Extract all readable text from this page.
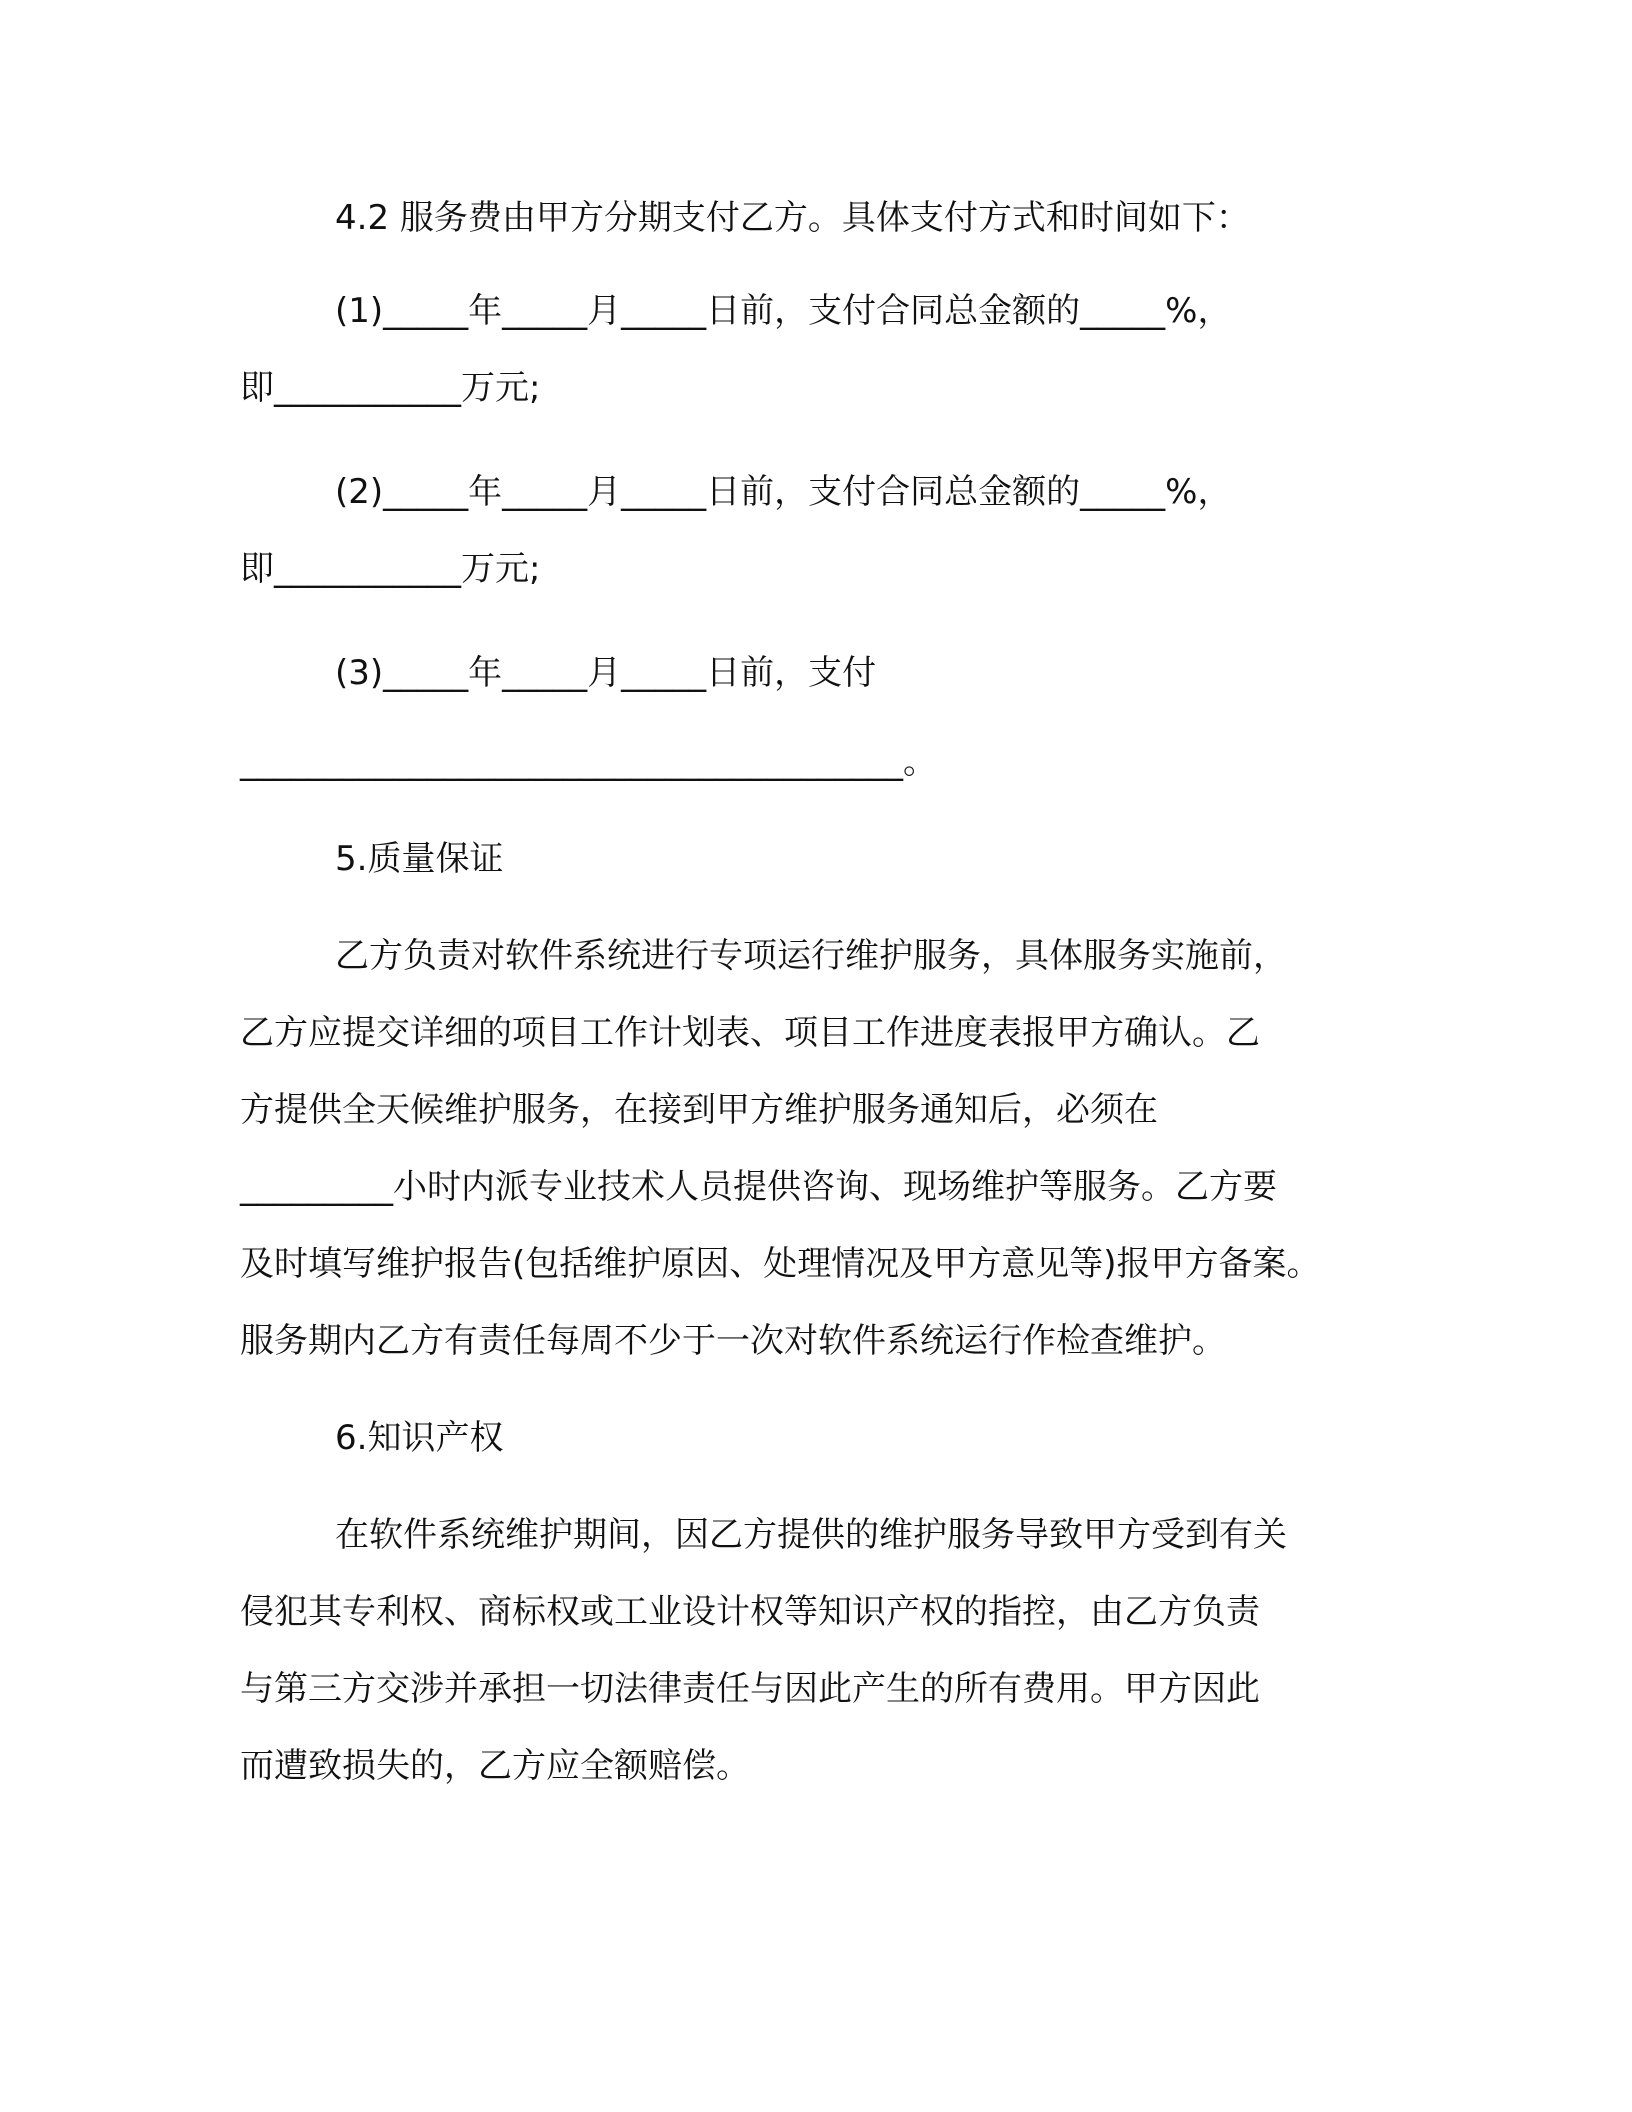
4.2 服务费由甲方分期支付乙方。具体支付方式和时间如下：
(1)_____年_____月_____日前，支付合同总金额的_____%，
即___________万元;
(2)_____年_____月_____日前，支付合同总金额的_____%，
即___________万元;
(3)_____年_____月_____日前，支付
_______________________________________。
5.质量保证
乙方负责对软件系统进行专项运行维护服务，具体服务实施前，
乙方应提交详细的项目工作计划表、项目工作进度表报甲方确认。乙
方提供全天候维护服务，在接到甲方维护服务通知后，必须在
_________小时内派专业技术人员提供咨询、现场维护等服务。乙方要
及时填写维护报告(包括维护原因、处理情况及甲方意见等)报甲方备案。
服务期内乙方有责任每周不少于一次对软件系统运行作检查维护。
6.知识产权
在软件系统维护期间，因乙方提供的维护服务导致甲方受到有关
侵犯其专利权、商标权或工业设计权等知识产权的指控，由乙方负责
与第三方交涉并承担一切法律责任与因此产生的所有费用。甲方因此
而遭致损失的，乙方应全额赔偿。
